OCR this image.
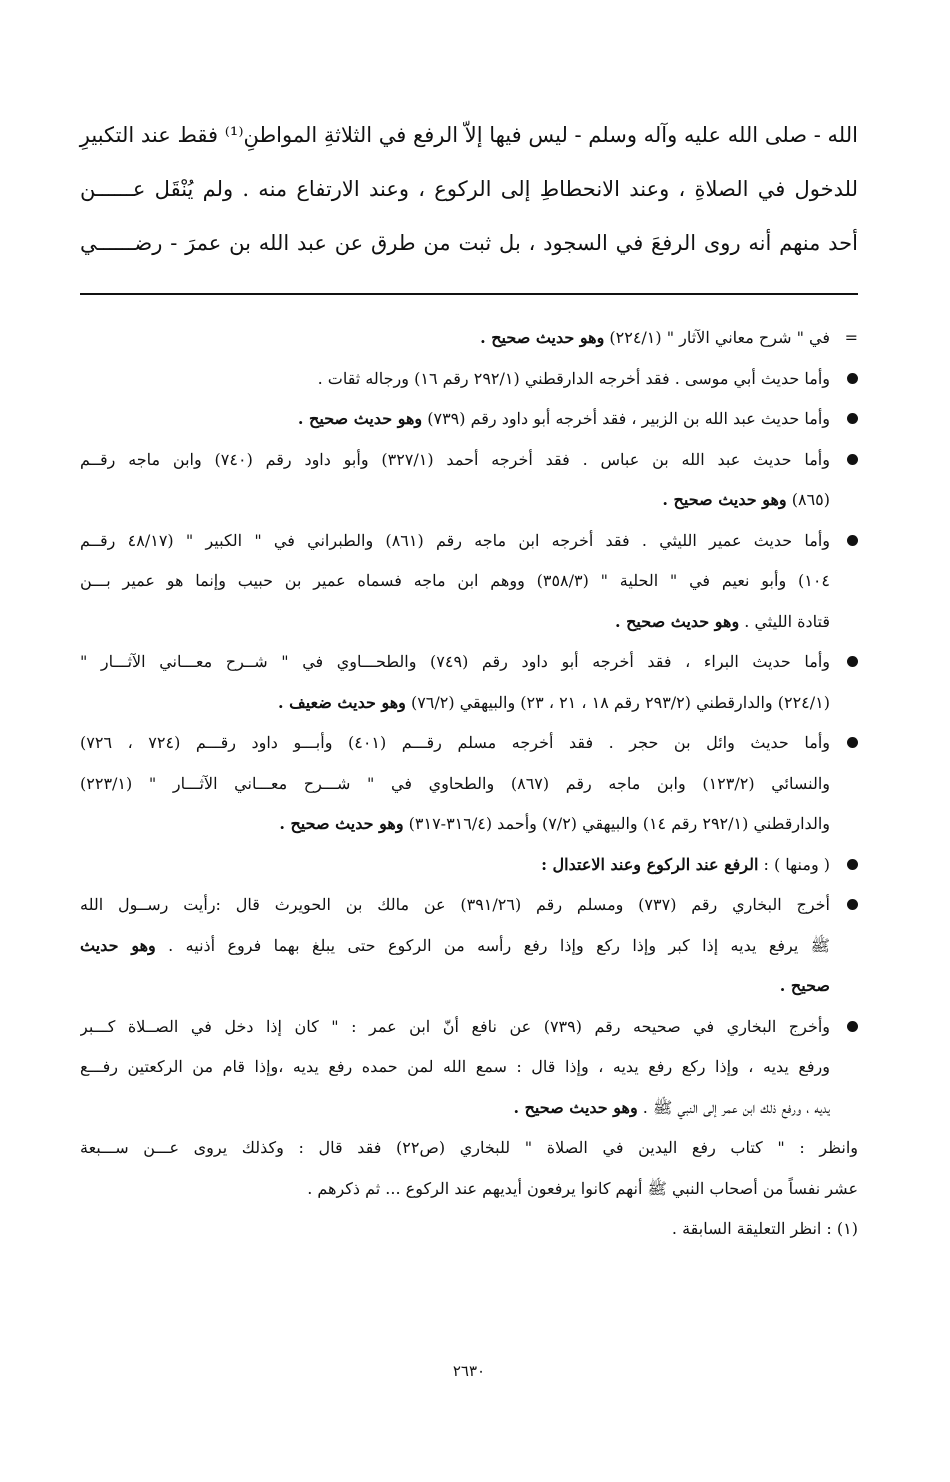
الله - صلى الله عليه وآله وسلم - ليس فيها إلاّ الرفع في الثلاثةِ المواطنِ⁽¹⁾ فقط عند التكبيرِ
للدخول في الصلاةِ ، وعند الانحطاطِ إلى الركوع ، وعند الارتفاع منه . ولم يُنْقَل عــــــن
أحد منهم أنه روى الرفعَ في السجود ، بل ثبت من طرق عن عبد الله بن عمرَ - رضــــــي
=
في " شرح معاني الآثار " (٢٢٤/١) وهو حديث صحيح .
وأما حديث أبي موسى . فقد أخرجه الدارقطني (٢٩٢/١ رقم ١٦) ورجاله ثقات .
وأما حديث عبد الله بن الزبير ، فقد أخرجه أبو داود رقم (٧٣٩) وهو حديث صحيح .
وأما حديث عبد الله بن عباس . فقد أخرجه أحمد (٣٢٧/١) وأبو داود رقم (٧٤٠) وابن ماجه رقــم
(٨٦٥) وهو حديث صحيح .
وأما حديث عمير الليثي . فقد أخرجه ابن ماجه رقم (٨٦١) والطبراني في " الكبير " (٤٨/١٧ رقــم
١٠٤) وأبو نعيم في " الحلية " (٣٥٨/٣) ووهم ابن ماجه فسماه عمير بن حبيب وإنما هو عمير بـــن
قتادة الليثي . وهو حديث صحيح .
وأما حديث البراء ، فقد أخرجه أبو داود رقم (٧٤٩) والطحـــاوي في " شــرح معـــاني الآثـــار "
(٢٢٤/١) والدارقطني (٢٩٣/٢ رقم ١٨ ، ٢١ ، ٢٣) والبيهقي (٧٦/٢) وهو حديث ضعيف .
وأما حديث وائل بن حجر . فقد أخرجه مسلم رقـــم (٤٠١) وأبـــو داود رقـــم (٧٢٤ ، ٧٢٦)
والنسائي (١٢٣/٢) وابن ماجه رقم (٨٦٧) والطحاوي في " شـــرح معـــاني الآثـــار " (٢٢٣/١)
والدارقطني (٢٩٢/١ رقم ١٤) والبيهقي (٧/٢) وأحمد (٣١٦/٤-٣١٧) وهو حديث صحيح .
( ومنها ) : الرفع عند الركوع وعند الاعتدال :
أخرج البخاري رقم (٧٣٧) ومسلم رقم (٣٩١/٢٦) عن مالك بن الحويرث قال :رأيت رســول الله
ﷺ يرفع يديه إذا كبر وإذا ركع وإذا رفع رأسه من الركوع حتى يبلغ بهما فروع أذنيه . وهو حديث
صحيح .
وأخرج البخاري في صحيحه رقم (٧٣٩) عن نافع أنّ ابن عمر : " كان إذا دخل في الصــلاة كـــبر
ورفع يديه ، وإذا ركع رفع يديه ، وإذا قال : سمع الله لمن حمده رفع يديه ،وإذا قام من الركعتين رفـــع
يديه ، ورفع ذلك ابن عمر إلى النبي ﷺ . وهو حديث صحيح .
وانظر : " كتاب رفع اليدين في الصلاة " للبخاري (ص٢٢) فقد قال : وكذلك يروى عـــن ســـبعة
عشر نفساً من أصحاب النبي ﷺ أنهم كانوا يرفعون أيديهم عند الركوع ... ثم ذكرهم .
(١) : انظر التعليقة السابقة .
٢٦٣٠
